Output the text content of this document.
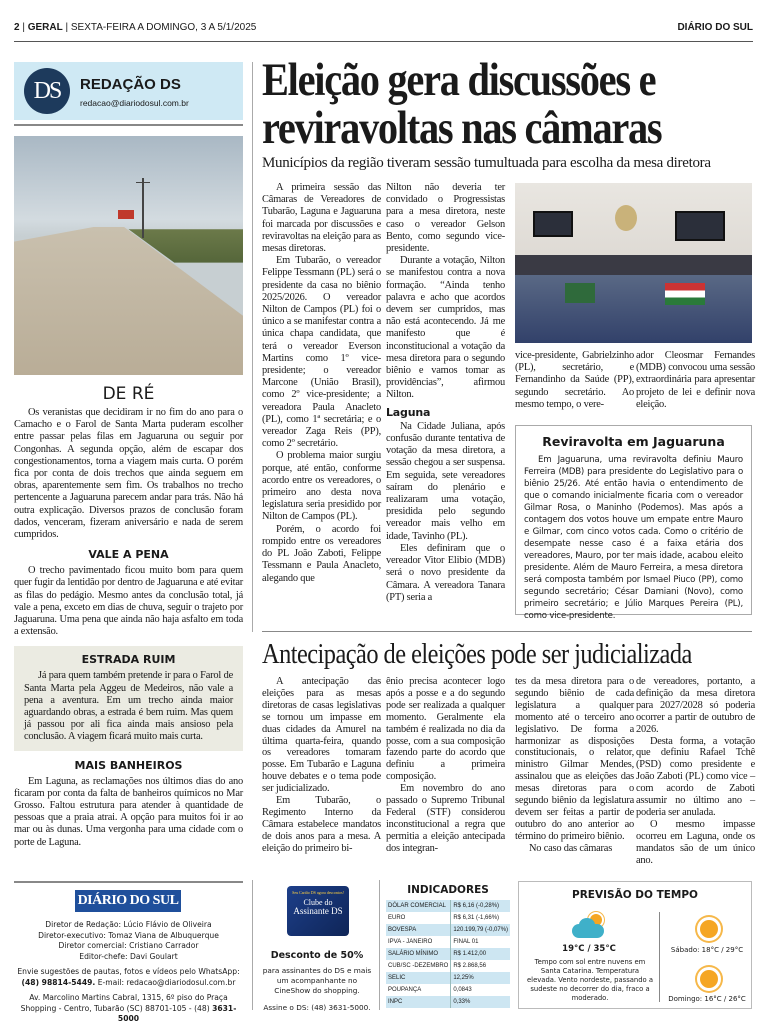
2 | GERAL | SEXTA-FEIRA A DOMINGO, 3 A 5/1/2025	DIÁRIO DO SUL
DS	REDAÇÃO DS
redacao@diariodosul.com.br
DE RÉ

Os veranistas que decidiram ir no fim do ano para o Camacho e o Farol de Santa Marta puderam escolher entre passar pelas filas em Jaguaruna ou seguir por Congonhas. A segunda opção, além de escapar dos congestionamentos, torna a viagem mais curta. O porém fica por conta de dois trechos que ainda seguem em obras, aparentemente sem fim. Os trabalhos no trecho pertencente a Jaguaruna parecem andar para trás. Não há outra explicação. Diversos prazos de conclusão foram dados, venceram, fizeram aniversário e nada de serem cumpridos.

VALE A PENA

O trecho pavimentado ficou muito bom para quem quer fugir da lentidão por dentro de Jaguaruna e até evitar as filas do pedágio. Mesmo antes da conclusão total, já vale a pena, exceto em dias de chuva, seguir o trajeto por Jaguaruna. Uma pena que ainda não haja asfalto em toda a extensão.

ESTRADA RUIM

Já para quem também pretende ir para o Farol de Santa Marta pela Aggeu de Medeiros, não vale a pena a aventura. Em um trecho ainda maior aguardando obras, a estrada é bem ruim. Mas quem já passou por ali fica ainda mais ansioso pela conclusão. A viagem ficará muito mais curta.

MAIS BANHEIROS

Em Laguna, as reclamações nos últimos dias do ano ficaram por conta da falta de banheiros químicos no Mar Grosso. Faltou estrutura para atender à quantidade de pessoas que a praia atrai. A opção para muitos foi ir ao mar ou às dunas. Uma vergonha para uma cidade com o porte de Laguna.

DIÁRIO DO SUL
Diretor de Redação: Lúcio Flávio de Oliveira
Diretor-executivo: Tomaz Viana de Albuquerque
Diretor comercial: Cristiano Carrador
Editor-chefe: Davi Goulart
Envie sugestões de pautas, fotos e vídeos pelo WhatsApp:
(48) 98814-5449. E-mail: redacao@diariodosul.com.br
Av. Marcolino Martins Cabral, 1315, 6º piso do Praça Shopping - Centro, Tubarão (SC) 88701-105 - (48) 3631-5000
Eleição gera discussões e
reviravoltas nas câmaras
Municípios da região tiveram sessão tumultuada para escolha da mesa diretora

A primeira sessão das Câmaras de Vereadores de Tubarão, Laguna e Jaguaruna foi marcada por discussões e reviravoltas na eleição para as mesas diretoras.

Em Tubarão, o vereador Felippe Tessmann (PL) será o presidente da casa no biênio 2025/2026. O vereador Nilton de Campos (PL) foi o único a se manifestar contra a única chapa candidata, que terá o vereador Everson Martins como 1º vice-presidente; o vereador Marcone (União Brasil), como 2º vice-presidente; a vereadora Paula Anacleto (PL), como 1ª secretária; e o vereador Zaga Reis (PP), como 2º secretário.

O problema maior surgiu porque, até então, conforme acordo entre os vereadores, o primeiro ano desta nova legislatura seria presidido por Nilton de Campos (PL).

Porém, o acordo foi rompido entre os vereadores do PL João Zaboti, Felippe Tessmann e Paula Anacleto, alegando que

Nilton não deveria ter convidado o Progressistas para a mesa diretora, neste caso o vereador Gelson Bento, como segundo vice-presidente.

Durante a votação, Nilton se manifestou contra a nova formação. “Ainda tenho palavra e acho que acordos devem ser cumpridos, mas não está acontecendo. Já me manifesto que é inconstitucional a votação da mesa diretora para o segundo biênio e vamos tomar as providências”, afirmou Nilton.

Laguna

Na Cidade Juliana, após confusão durante tentativa de votação da mesa diretora, a sessão chegou a ser suspensa. Em seguida, sete vereadores saíram do plenário e realizaram uma votação, presidida pelo segundo vereador mais velho em idade, Tavinho (PL).

Eles definiram que o vereador Vitor Elibio (MDB) será o novo presidente da Câmara. A vereadora Tanara (PT) seria a

vice-presidente, Gabrielzinho (PL), secretário, e Fernandinho da Saúde (PP), segundo secretário. Ao mesmo tempo, o vere-

ador Cleosmar Fernandes (MDB) convocou uma sessão extraordinária para apresentar projeto de lei e definir nova eleição.

Reviravolta em Jaguaruna

Em Jaguaruna, uma reviravolta definiu Mauro Ferreira (MDB) para presidente do Legislativo para o biênio 25/26. Até então havia o entendimento de que o comando inicialmente ficaria com o vereador Gilmar Rosa, o Maninho (Podemos). Mas após a contagem dos votos houve um empate entre Mauro e Gilmar, com cinco votos cada. Como o critério de desempate nesse caso é a faixa etária dos vereadores, Mauro, por ter mais idade, acabou eleito presidente. Além de Mauro Ferreira, a mesa diretora será composta também por Ismael Piuco (PP), como segundo secretário; César Damiani (Novo), como primeiro secretário; e Júlio Marques Pereira (PL), como vice-presidente.

Antecipação de eleições pode ser judicializada

A antecipação das eleições para as mesas diretoras de casas legislativas se tornou um impasse em duas cidades da Amurel na última quarta-feira, quando os vereadores tomaram posse. Em Tubarão e Laguna houve debates e o tema pode ser judicializado.

Em Tubarão, o Regimento Interno da Câmara estabelece mandatos de dois anos para a mesa. A eleição do primeiro bi-

ênio precisa acontecer logo após a posse e a do segundo pode ser realizada a qualquer momento. Geralmente ela também é realizada no dia da posse, com a sua composição fazendo parte do acordo que definiu a primeira composição.

Em novembro do ano passado o Supremo Tribunal Federal (STF) considerou inconstitucional a regra que permitia a eleição antecipada dos integran-

tes da mesa diretora para o segundo biênio de cada legislatura a qualquer momento até o terceiro ano legislativo. De forma a harmonizar as disposições constitucionais, o relator, ministro Gilmar Mendes, assinalou que as eleições das mesas diretoras para o segundo biênio da legislatura devem ser feitas a partir de outubro do ano anterior ao término do primeiro biênio.

No caso das câmaras

de vereadores, portanto, a definição da mesa diretora para 2027/2028 só poderia ocorrer a partir de outubro de 2026.

Desta forma, a votação que definiu Rafael Tchê (PSD) como presidente e João Zaboti (PL) como vice – com acordo de Zaboti assumir no último ano – poderia ser anulada.

O mesmo impasse ocorreu em Laguna, onde os mandatos são de um único ano.

Seu Cartão DS agora descontos!
Clube do
Assinante DS
Desconto de 50%
para assinantes do DS e mais um acompanhante no CineShow do shopping.
Assine o DS: (48) 3631-5000.
INDICADORES
DÓLAR COMERCIAL	R$ 6,16 (-0,28%)
EURO	R$ 6,31 (-1,66%)
BOVESPA	120.199,79 (-0,07%)
IPVA - JANEIRO	FINAL 01
SALÁRIO MÍNIMO	R$ 1.412,00
CUB/SC -DEZEMBRO	R$ 2.868,56
SELIC	12,25%
POUPANÇA	0,0843
INPC	0,33%
PREVISÃO DO TEMPO
19°C / 35°C
Tempo com sol entre nuvens em Santa Catarina. Temperatura elevada. Vento nordeste, passando a sudeste no decorrer do dia, fraco a moderado.
Sábado: 18°C / 29°C
Domingo: 16°C / 26°C
